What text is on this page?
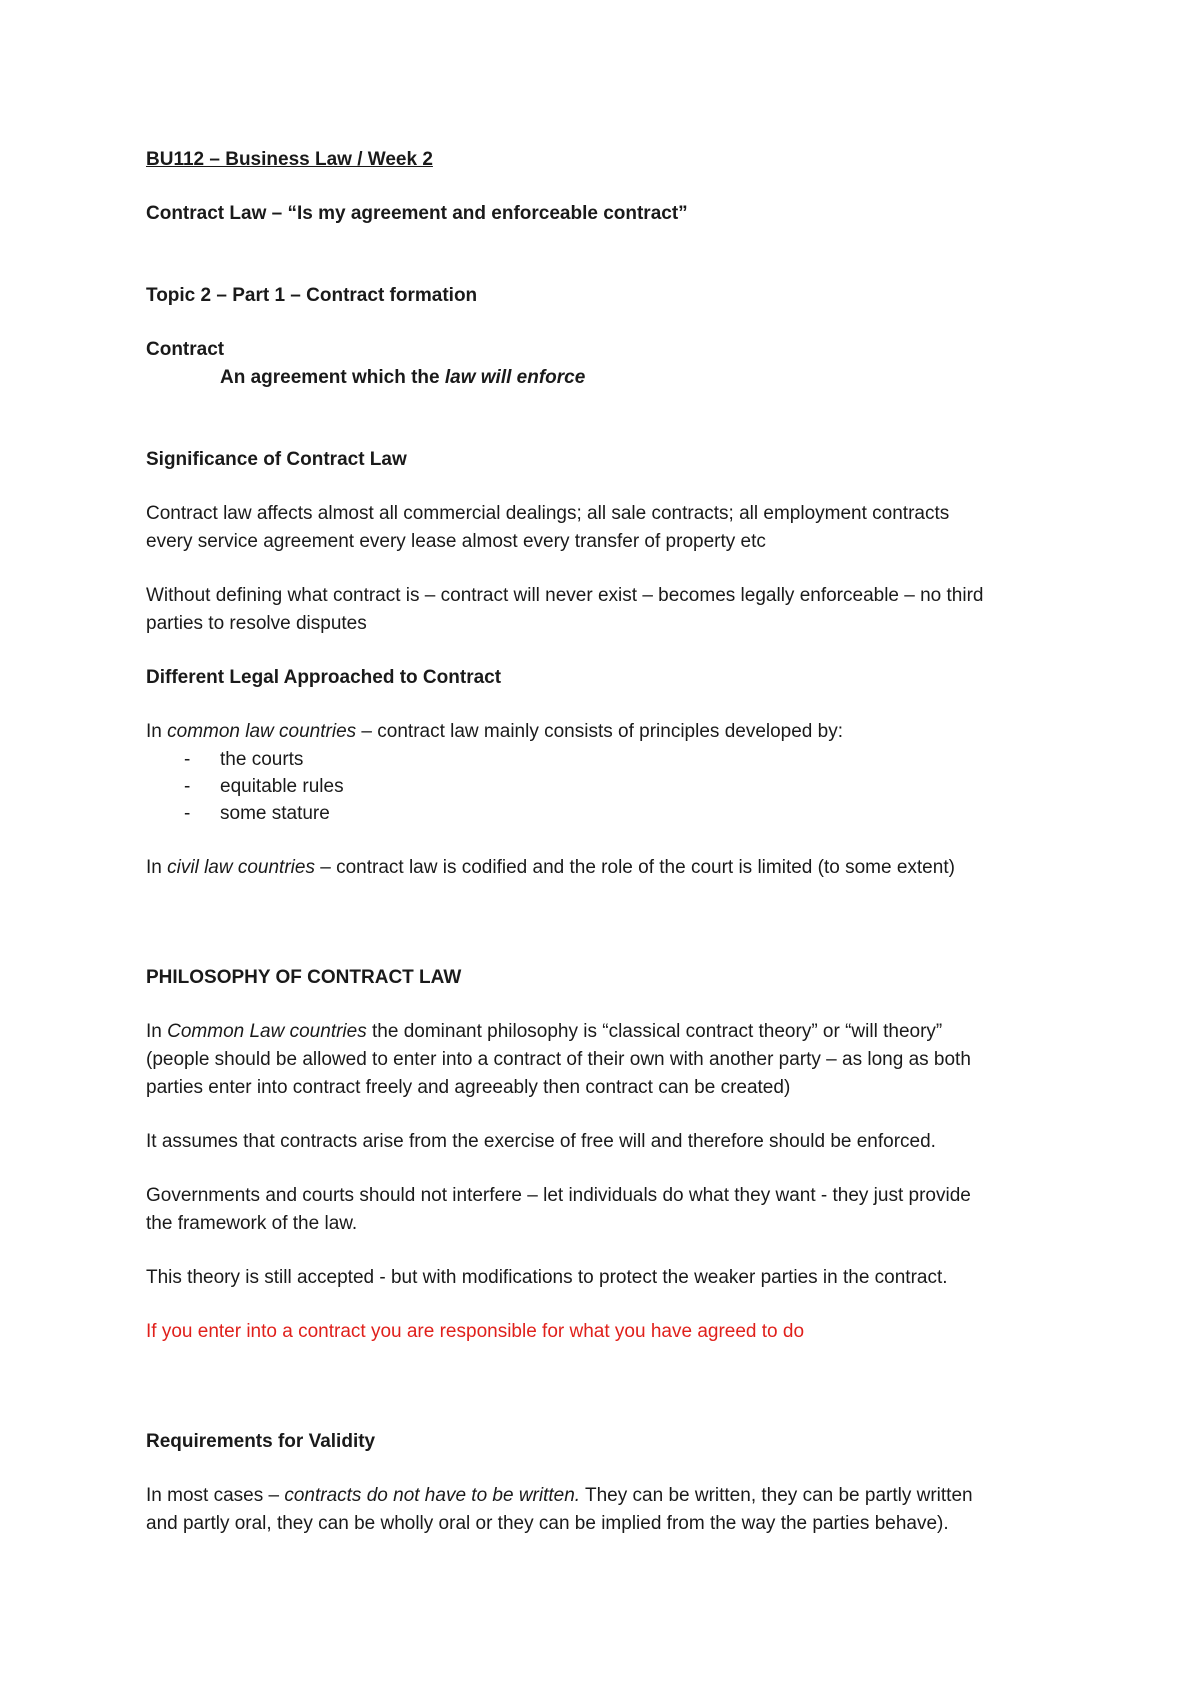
BU112 – Business Law / Week 2
Contract Law – “Is my agreement and enforceable contract”
Topic 2 – Part 1 – Contract formation
Contract
An agreement which the law will enforce
Significance of Contract Law
Contract law affects almost all commercial dealings; all sale contracts; all employment contracts
every service agreement every lease almost every transfer of property etc
Without defining what contract is – contract will never exist – becomes legally enforceable – no third
parties to resolve disputes
Different Legal Approached to Contract
In common law countries – contract law mainly consists of principles developed by:
- the courts
- equitable rules
- some stature
In civil law countries – contract law is codified and the role of the court is limited (to some extent)
PHILOSOPHY OF CONTRACT LAW
In Common Law countries the dominant philosophy is “classical contract theory” or “will theory”
(people should be allowed to enter into a contract of their own with another party – as long as both
parties enter into contract freely and agreeably then contract can be created)
It assumes that contracts arise from the exercise of free will and therefore should be enforced.
Governments and courts should not interfere – let individuals do what they want - they just provide
the framework of the law.
This theory is still accepted - but with modifications to protect the weaker parties in the contract.
If you enter into a contract you are responsible for what you have agreed to do
Requirements for Validity
In most cases – contracts do not have to be written. They can be written, they can be partly written
and partly oral, they can be wholly oral or they can be implied from the way the parties behave).
